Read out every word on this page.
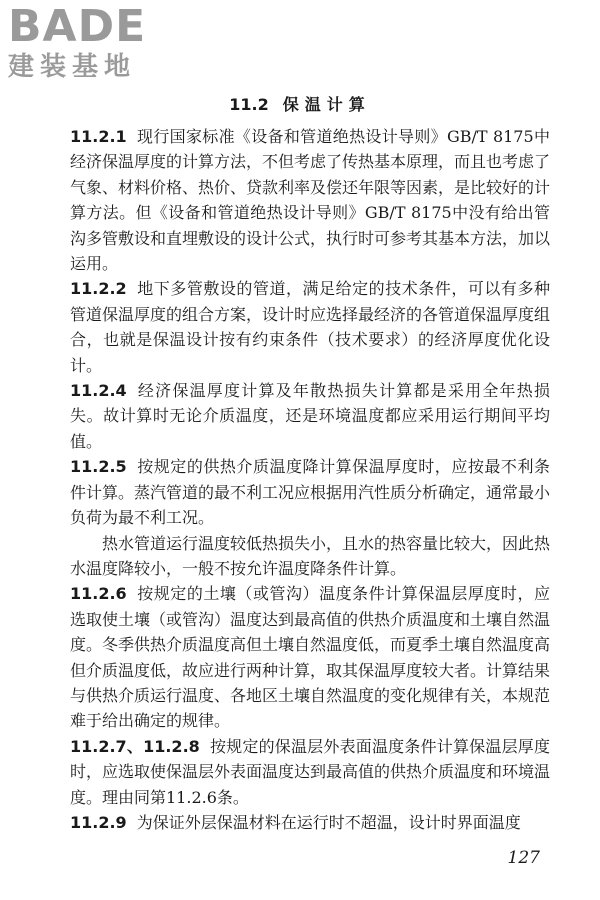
BADE
建装基地
11.2 保温计算

11.2.1 现行国家标准《设备和管道绝热设计导则》GB/T 8175中经济保温厚度的计算方法，不但考虑了传热基本原理，而且也考虑了气象、材料价格、热价、贷款利率及偿还年限等因素，是比较好的计算方法。但《设备和管道绝热设计导则》GB/T 8175中没有给出管沟多管敷设和直埋敷设的设计公式，执行时可参考其基本方法，加以运用。

11.2.2 地下多管敷设的管道，满足给定的技术条件，可以有多种管道保温厚度的组合方案，设计时应选择最经济的各管道保温厚度组合，也就是保温设计按有约束条件（技术要求）的经济厚度优化设计。

11.2.4 经济保温厚度计算及年散热损失计算都是采用全年热损失。故计算时无论介质温度，还是环境温度都应采用运行期间平均值。

11.2.5 按规定的供热介质温度降计算保温厚度时，应按最不利条件计算。蒸汽管道的最不利工况应根据用汽性质分析确定，通常最小负荷为最不利工况。

热水管道运行温度较低热损失小，且水的热容量比较大，因此热水温度降较小，一般不按允许温度降条件计算。

11.2.6 按规定的土壤（或管沟）温度条件计算保温层厚度时，应选取使土壤（或管沟）温度达到最高值的供热介质温度和土壤自然温度。冬季供热介质温度高但土壤自然温度低，而夏季土壤自然温度高但介质温度低，故应进行两种计算，取其保温厚度较大者。计算结果与供热介质运行温度、各地区土壤自然温度的变化规律有关，本规范难于给出确定的规律。

11.2.7、11.2.8 按规定的保温层外表面温度条件计算保温层厚度时，应选取使保温层外表面温度达到最高值的供热介质温度和环境温度。理由同第11.2.6条。

11.2.9 为保证外层保温材料在运行时不超温，设计时界面温度

127
